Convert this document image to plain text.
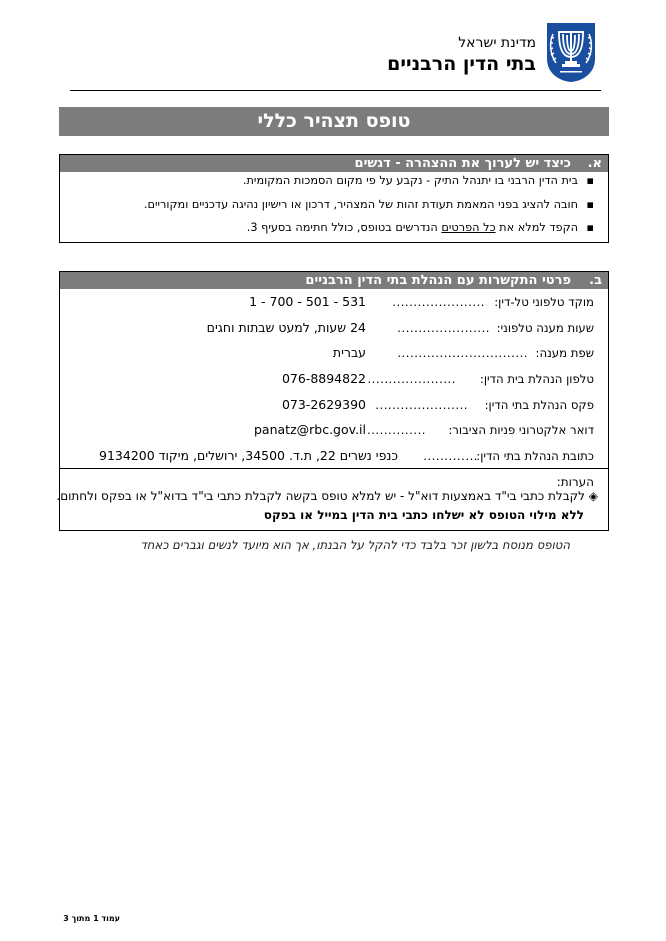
מדינת ישראל
בתי הדין הרבניים
טופס תצהיר כללי
א.
כיצד יש לערוך את ההצהרה - דגשים
▪
בית הדין הרבני בו יתנהל התיק - נקבע על פי מקום הסמכות המקומית.
▪
חובה להציג בפני המאמת תעודת זהות של המצהיר, דרכון או רישיון נהיגה עדכניים ומקוריים.
▪
הקפד למלא את כל הפרטים הנדרשים בטופס, כולל חתימה בסעיף 3.
ב.
פרטי התקשרות עם הנהלת בתי הדין הרבניים
מוקד טלפוני טל-דין:
......................
1 - 700 - 501 - 531
שעות מענה טלפוני:
......................
24 שעות, למעט שבתות וחגים
שפת מענה:
...............................
עברית
טלפון הנהלת בית הדין:
.....................
076-8894822
פקס הנהלת בתי הדין:
......................
073-2629390
דואר אלקטרוני פניות הציבור:
..............
panatz@rbc.gov.il
כתובת הנהלת בתי הדין:
.............
כנפי נשרים 22, ת.ד. 34500, ירושלים, מיקוד 9134200
הערות:
◈
לקבלת כתבי בי"ד באמצעות דוא"ל - יש למלא טופס בקשה לקבלת כתבי בי"ד בדוא"ל או בפקס ולחתום.
ללא מילוי הטופס לא ישלחו כתבי בית הדין במייל או בפקס
הטופס מנוסח בלשון זכר בלבד כדי להקל על הבנתו, אך הוא מיועד לנשים וגברים כאחד
עמוד 1 מתוך 3
